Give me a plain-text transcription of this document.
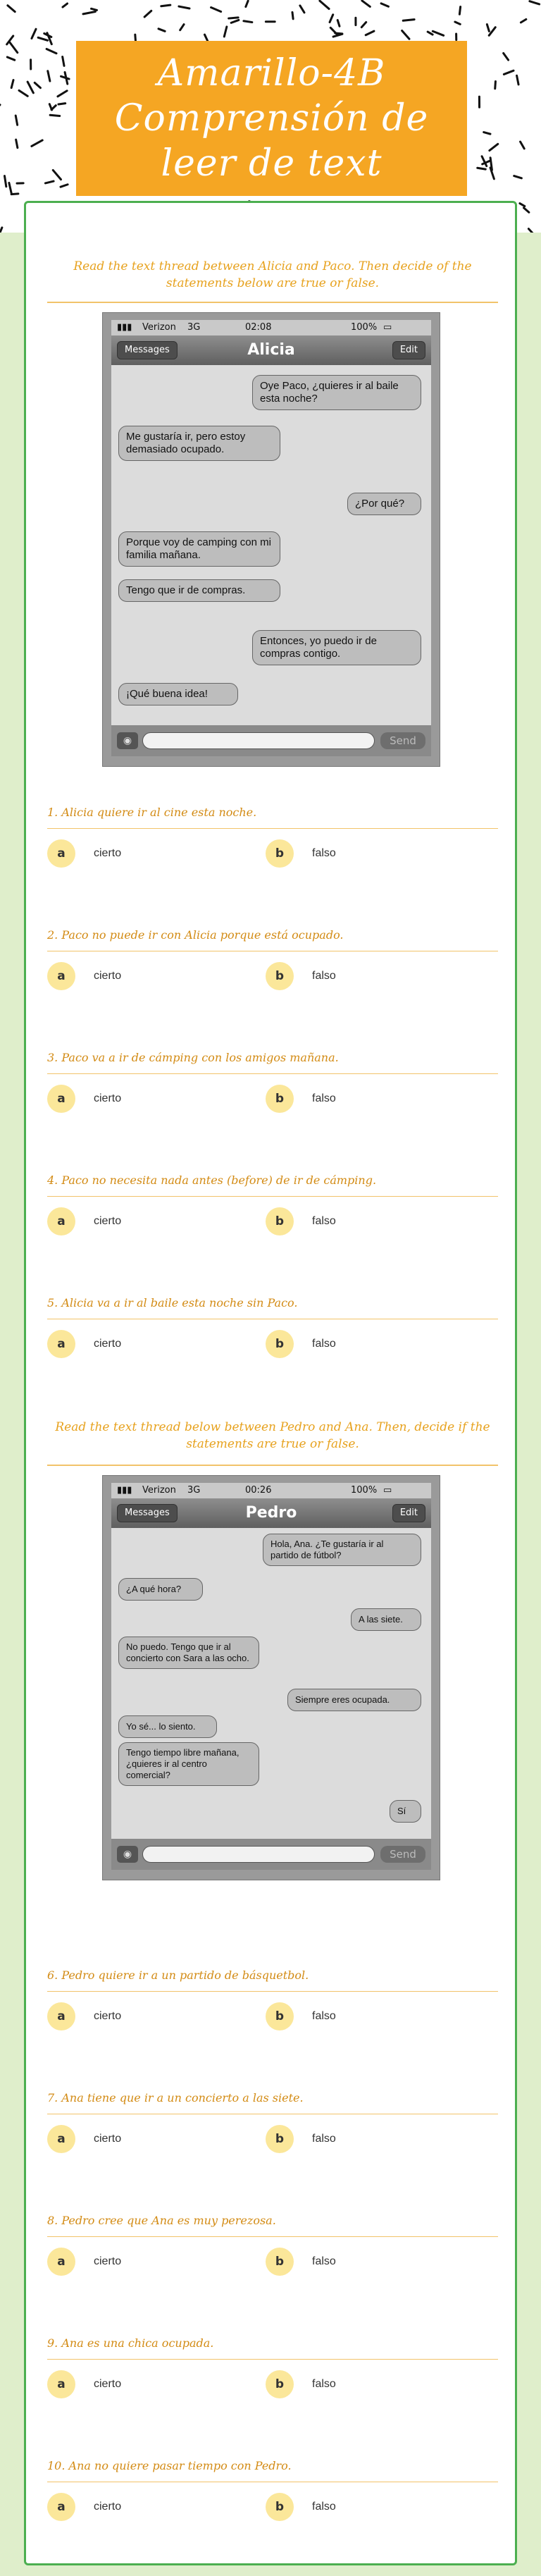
Amarillo-4B
Comprensión de
leer de text
Read the text thread between Alicia and Paco. Then decide of the statements below are true or false.
▮▮▮ Verizon 3G	02:08	100% ▭
Messages	Alicia	Edit
Oye Paco, ¿quieres ir al baile esta noche?
Me gustaría ir, pero estoy demasiado ocupado.
¿Por qué?
Porque voy de camping con mi familia mañana.
Tengo que ir de compras.
Entonces, yo puedo ir de compras contigo.
¡Qué buena idea!
◉	Send
1. Alicia quiere ir al cine esta noche.
a	cierto	b	falso
2. Paco no puede ir con Alicia porque está ocupado.
a	cierto	b	falso
3. Paco va a ir de cámping con los amigos mañana.
a	cierto	b	falso
4. Paco no necesita nada antes (before) de ir de cámping.
a	cierto	b	falso
5. Alicia va a ir al baile esta noche sin Paco.
a	cierto	b	falso
Read the text thread below between Pedro and Ana. Then, decide if the statements are true or false.
▮▮▮ Verizon 3G	00:26	100% ▭
Messages	Pedro	Edit
Hola, Ana. ¿Te gustaría ir al partido de fútbol?
¿A qué hora?
A las siete.
No puedo. Tengo que ir al concierto con Sara a las ocho.
Siempre eres ocupada.
Yo sé... lo siento.
Tengo tiempo libre mañana, ¿quieres ir al centro comercial?
Sí
◉	Send
6. Pedro quiere ir a un partido de básquetbol.
a	cierto	b	falso
7. Ana tiene que ir a un concierto a las siete.
a	cierto	b	falso
8. Pedro cree que Ana es muy perezosa.
a	cierto	b	falso
9. Ana es una chica ocupada.
a	cierto	b	falso
10. Ana no quiere pasar tiempo con Pedro.
a	cierto	b	falso
